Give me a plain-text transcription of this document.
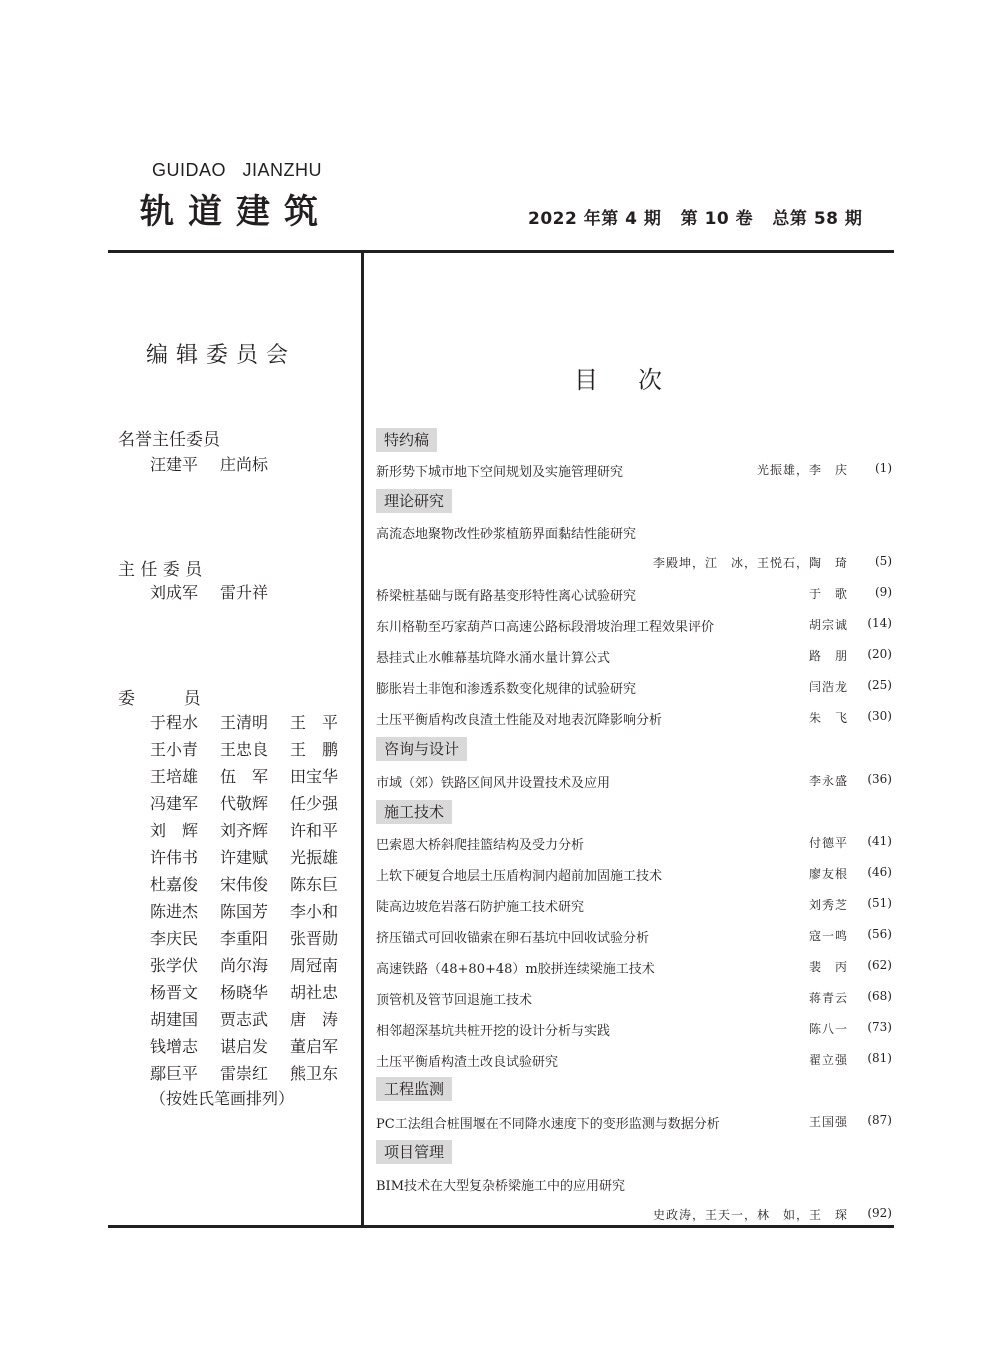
GUIDAO   JIANZHU
轨道建筑	2022 年第 4 期   第 10 卷   总第 58 期
编辑委员会
名誉主任委员
汪建平	庄尚标
主 任 委 员
刘成军	雷升祥
委         员
于程水	王清明	王　平
王小青	王忠良	王　鹏
王培雄	伍　军	田宝华
冯建军	代敬辉	任少强
刘　辉	刘齐辉	许和平
许伟书	许建赋	光振雄
杜嘉俊	宋伟俊	陈东巨
陈进杰	陈国芳	李小和
李庆民	李重阳	张晋勋
张学伏	尚尔海	周冠南
杨晋文	杨晓华	胡社忠
胡建国	贾志武	唐　涛
钱增志	谌启发	董启军
鄢巨平	雷崇红	熊卫东
（按姓氏笔画排列）
目次
特约稿
新形势下城市地下空间规划及实施管理研究	光振雄，李　庆	(1)
理论研究
高流态地聚物改性砂浆植筋界面黏结性能研究
李殿坤，江　冰，王悦石，陶　琦	(5)
桥梁桩基础与既有路基变形特性离心试验研究	于　歌	(9)
东川格勒至巧家葫芦口高速公路标段滑坡治理工程效果评价	胡宗诚	(14)
悬挂式止水帷幕基坑降水涌水量计算公式	路　朋	(20)
膨胀岩土非饱和渗透系数变化规律的试验研究	闫浩龙	(25)
土压平衡盾构改良渣土性能及对地表沉降影响分析	朱　飞	(30)
咨询与设计
市域（郊）铁路区间风井设置技术及应用	李永盛	(36)
施工技术
巴索恩大桥斜爬挂篮结构及受力分析	付德平	(41)
上软下硬复合地层土压盾构洞内超前加固施工技术	廖友根	(46)
陡高边坡危岩落石防护施工技术研究	刘秀芝	(51)
挤压锚式可回收锚索在卵石基坑中回收试验分析	寇一鸣	(56)
高速铁路（48+80+48）m胶拼连续梁施工技术	裴　丙	(62)
顶管机及管节回退施工技术	蒋青云	(68)
相邻超深基坑共桩开挖的设计分析与实践	陈八一	(73)
土压平衡盾构渣土改良试验研究	翟立强	(81)
工程监测
PC工法组合桩围堰在不同降水速度下的变形监测与数据分析	王国强	(87)
项目管理
BIM技术在大型复杂桥梁施工中的应用研究
史政涛，王天一，林　如，王　琛	(92)
